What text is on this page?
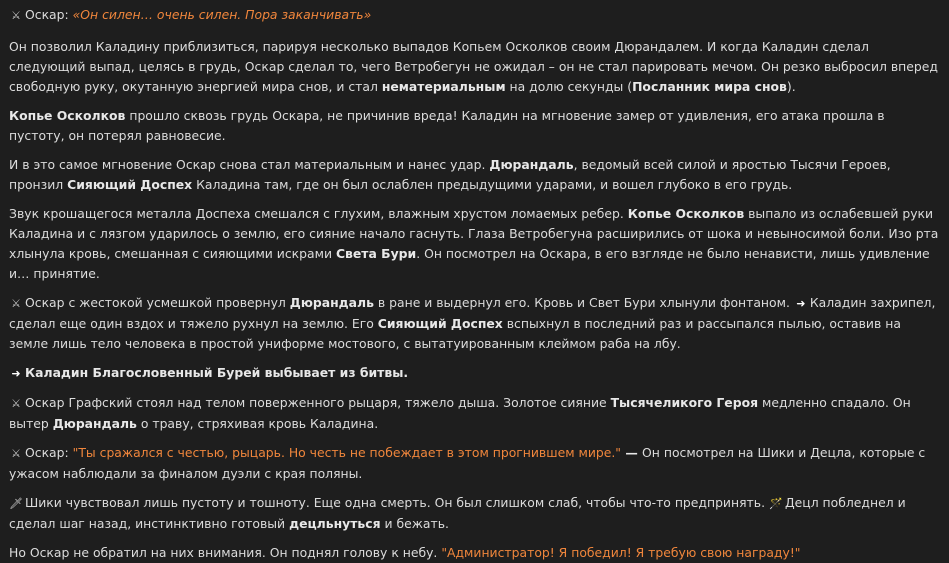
⚔ Оскар: «Он силен… очень силен. Пора заканчивать»

Он позволил Каладину приблизиться, парируя несколько выпадов Копьем Осколков своим Дюрандалем. И когда Каладин сделал следующий выпад, целясь в грудь, Оскар сделал то, чего Ветробегун не ожидал – он не стал парировать мечом. Он резко выбросил вперед свободную руку, окутанную энергией мира снов, и стал нематериальным на долю секунды (Посланник мира снов).

Копье Осколков прошло сквозь грудь Оскара, не причинив вреда! Каладин на мгновение замер от удивления, его атака прошла в пустоту, он потерял равновесие.

И в это самое мгновение Оскар снова стал материальным и нанес удар. Дюрандаль, ведомый всей силой и яростью Тысячи Героев, пронзил Сияющий Доспех Каладина там, где он был ослаблен предыдущими ударами, и вошел глубоко в его грудь.

Звук крошащегося металла Доспеха смешался с глухим, влажным хрустом ломаемых ребер. Копье Осколков выпало из ослабевшей руки Каладина и с лязгом ударилось о землю, его сияние начало гаснуть. Глаза Ветробегуна расширились от шока и невыносимой боли. Изо рта хлынула кровь, смешанная с сияющими искрами Света Бури. Он посмотрел на Оскара, в его взгляде не было ненависти, лишь удивление и… принятие.

⚔ Оскар с жестокой усмешкой провернул Дюрандаль в ране и выдернул его. Кровь и Свет Бури хлынули фонтаном. ➜ Каладин захрипел, сделал еще один вздох и тяжело рухнул на землю. Его Сияющий Доспех вспыхнул в последний раз и рассыпался пылью, оставив на земле лишь тело человека в простой униформе мостового, с вытатуированным клеймом раба на лбу.

➜ Каладин Благословенный Бурей выбывает из битвы.

⚔ Оскар Графский стоял над телом поверженного рыцаря, тяжело дыша. Золотое сияние Тысячеликого Героя медленно спадало. Он вытер Дюрандаль о траву, стряхивая кровь Каладина.

⚔ Оскар: "Ты сражался с честью, рыцарь. Но честь не побеждает в этом прогнившем мире." — Он посмотрел на Шики и Децла, которые с ужасом наблюдали за финалом дуэли с края поляны.

🗡 Шики чувствовал лишь пустоту и тошноту. Еще одна смерть. Он был слишком слаб, чтобы что-то предпринять. 🪄 Децл побледнел и сделал шаг назад, инстинктивно готовый децльнуться и бежать.

Но Оскар не обратил на них внимания. Он поднял голову к небу. "Администратор! Я победил! Я требую свою награду!"
